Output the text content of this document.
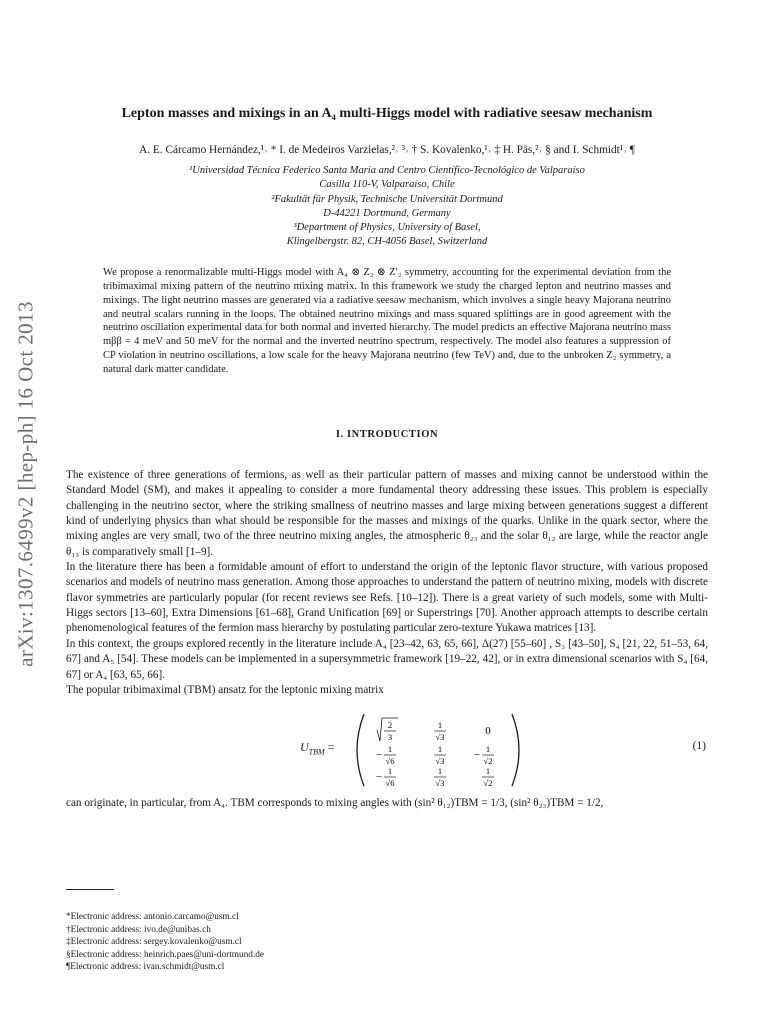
arXiv:1307.6499v2 [hep-ph] 16 Oct 2013
Lepton masses and mixings in an A₄ multi-Higgs model with radiative seesaw mechanism
A. E. Cárcamo Hernández,¹˒ * I. de Medeiros Varzielas,²˒ ³˒ † S. Kovalenko,¹˒ ‡ H. Päs,²˒ § and I. Schmidt¹˒ ¶
¹Universidad Técnica Federico Santa María and Centro Científico-Tecnológico de Valparaíso
Casilla 110-V, Valparaíso, Chile
²Fakultät für Physik, Technische Universität Dortmund
D-44221 Dortmund, Germany
³Department of Physics, University of Basel,
Klingelbergstr. 82, CH-4056 Basel, Switzerland
We propose a renormalizable multi-Higgs model with A₄ ⊗ Z₂ ⊗ Z′₂ symmetry, accounting for the experimental deviation from the tribimaximal mixing pattern of the neutrino mixing matrix. In this framework we study the charged lepton and neutrino masses and mixings. The light neutrino masses are generated via a radiative seesaw mechanism, which involves a single heavy Majorana neutrino and neutral scalars running in the loops. The obtained neutrino mixings and mass squared splittings are in good agreement with the neutrino oscillation experimental data for both normal and inverted hierarchy. The model predicts an effective Majorana neutrino mass mββ = 4 meV and 50 meV for the normal and the inverted neutrino spectrum, respectively. The model also features a suppression of CP violation in neutrino oscillations, a low scale for the heavy Majorana neutrino (few TeV) and, due to the unbroken Z₂ symmetry, a natural dark matter candidate.
I. INTRODUCTION

The existence of three generations of fermions, as well as their particular pattern of masses and mixing cannot be understood within the Standard Model (SM), and makes it appealing to consider a more fundamental theory addressing these issues. This problem is especially challenging in the neutrino sector, where the striking smallness of neutrino masses and large mixing between generations suggest a different kind of underlying physics than what should be responsible for the masses and mixings of the quarks. Unlike in the quark sector, where the mixing angles are very small, two of the three neutrino mixing angles, the atmospheric θ₂₃ and the solar θ₁₂ are large, while the reactor angle θ₁₃ is comparatively small [1–9].

In the literature there has been a formidable amount of effort to understand the origin of the leptonic flavor structure, with various proposed scenarios and models of neutrino mass generation. Among those approaches to understand the pattern of neutrino mixing, models with discrete flavor symmetries are particularly popular (for recent reviews see Refs. [10–12]). There is a great variety of such models, some with Multi-Higgs sectors [13–60], Extra Dimensions [61–68], Grand Unification [69] or Superstrings [70]. Another approach attempts to describe certain phenomenological features of the fermion mass hierarchy by postulating particular zero-texture Yukawa matrices [13].

In this context, the groups explored recently in the literature include A₄ [23–42, 63, 65, 66], Δ(27) [55–60] , S₃ [43–50], S₄ [21, 22, 51–53, 64, 67] and A₅ [54]. These models can be implemented in a supersymmetric framework [19–22, 42], or in extra dimensional scenarios with S₄ [64, 67] or A₄ [63, 65, 66].

The popular tribimaximal (TBM) ansatz for the leptonic mixing matrix

$U_{TBM}$ =
2
3
1
√3	0
− 1
√6
1
√3	− 1
√2
− 1
√6
1
√3
1
√2
(1)
can originate, in particular, from A₄. TBM corresponds to mixing angles with (sin² θ₁₂)TBM = 1/3, (sin² θ₂₃)TBM = 1/2,
*Electronic address: antonio.carcamo@usm.cl
†Electronic address: ivo.de@unibas.ch
‡Electronic address: sergey.kovalenko@usm.cl
§Electronic address: heinrich.paes@uni-dortmund.de
¶Electronic address: ivan.schmidt@usm.cl
